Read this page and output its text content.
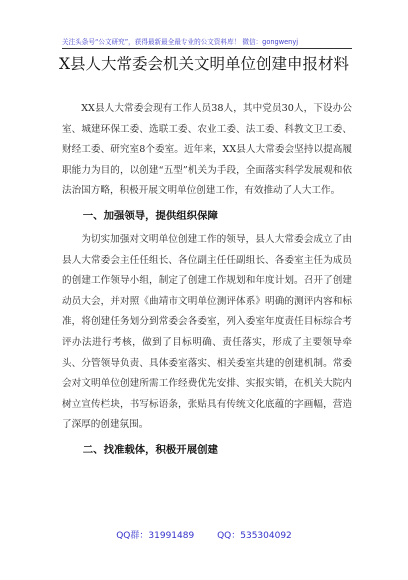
关注头条号“公文研究”，获得最新最全最专业的公文资料库！ 微信：gongwenyj
X县人大常委会机关文明单位创建申报材料

XX县人大常委会现有工作人员38人，其中党员30人，下设办公室、城建环保工委、选联工委、农业工委、法工委、科教文卫工委、财经工委、研究室8个委室。近年来，XX县人大常委会坚持以提高履职能力为目的，以创建“五型”机关为手段，全面落实科学发展观和依法治国方略，积极开展文明单位创建工作，有效推动了人大工作。

一、加强领导，提供组织保障

为切实加强对文明单位创建工作的领导，县人大常委会成立了由县人大常委会主任任组长、各位副主任任副组长、各委室主任为成员的创建工作领导小组，制定了创建工作规划和年度计划。召开了创建动员大会，并对照《曲靖市文明单位测评体系》明确的测评内容和标准，将创建任务划分到常委会各委室，列入委室年度责任目标综合考评办法进行考核，做到了目标明确、责任落实，形成了主要领导牵头、分管领导负责、具体委室落实、相关委室共建的创建机制。常委会对文明单位创建所需工作经费优先安排、实报实销，在机关大院内树立宣传栏块，书写标语条，张贴具有传统文化底蕴的字画幅，营造了深厚的创建氛围。

二、找准载体，积极开展创建
QQ群：31991489	QQ：535304092
